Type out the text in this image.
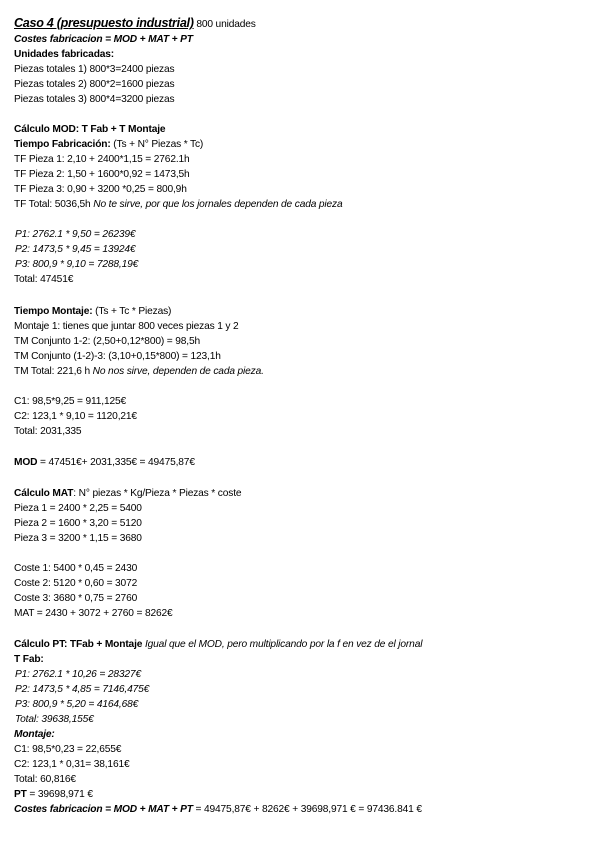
Caso 4 (presupuesto industrial) 800 unidades
Costes fabricacion = MOD + MAT + PT
Unidades fabricadas:
Piezas totales 1) 800*3=2400 piezas
Piezas totales 2) 800*2=1600 piezas
Piezas totales 3) 800*4=3200 piezas
Cálculo MOD: T Fab + T Montaje
Tiempo Fabricación: (Ts + N° Piezas * Tc)
TF Pieza 1: 2,10 + 2400*1,15 = 2762.1h
TF Pieza 2: 1,50 + 1600*0,92 = 1473,5h
TF Pieza 3: 0,90 + 3200 *0,25 = 800,9h
TF Total: 5036,5h No te sirve, por que los jornales dependen de cada pieza
P1: 2762.1 * 9,50 = 26239€
P2: 1473,5 * 9,45 = 13924€
P3: 800,9 * 9,10 = 7288,19€
Total: 47451€
Tiempo Montaje: (Ts + Tc * Piezas)
Montaje 1: tienes que juntar 800 veces piezas 1 y 2
TM Conjunto 1-2: (2,50+0,12*800) = 98,5h
TM Conjunto (1-2)-3: (3,10+0,15*800) = 123,1h
TM Total: 221,6 h No nos sirve, dependen de cada pieza.
C1: 98,5*9,25 = 911,125€
C2: 123,1 * 9,10 = 1120,21€
Total: 2031,335
MOD = 47451€+ 2031,335€ = 49475,87€
Cálculo MAT: N° piezas * Kg/Pieza * Piezas * coste
Pieza 1 = 2400 * 2,25 = 5400
Pieza 2 = 1600 * 3,20 = 5120
Pieza 3 = 3200 * 1,15 = 3680
Coste 1: 5400 * 0,45 = 2430
Coste 2: 5120 * 0,60 = 3072
Coste 3: 3680 * 0,75 = 2760
MAT = 2430 + 3072 + 2760 = 8262€
Cálculo PT: TFab + Montaje Igual que el MOD, pero multiplicando por la f en vez de el jornal
T Fab:
P1: 2762.1 * 10,26 = 28327€
P2: 1473,5 * 4,85 = 7146,475€
P3: 800,9 * 5,20 = 4164,68€
Total: 39638,155€
Montaje:
C1: 98,5*0,23 = 22,655€
C2: 123,1 * 0,31= 38,161€
Total: 60,816€
PT = 39698,971 €
Costes fabricacion = MOD + MAT + PT = 49475,87€ + 8262€ + 39698,971 € = 97436.841 €
